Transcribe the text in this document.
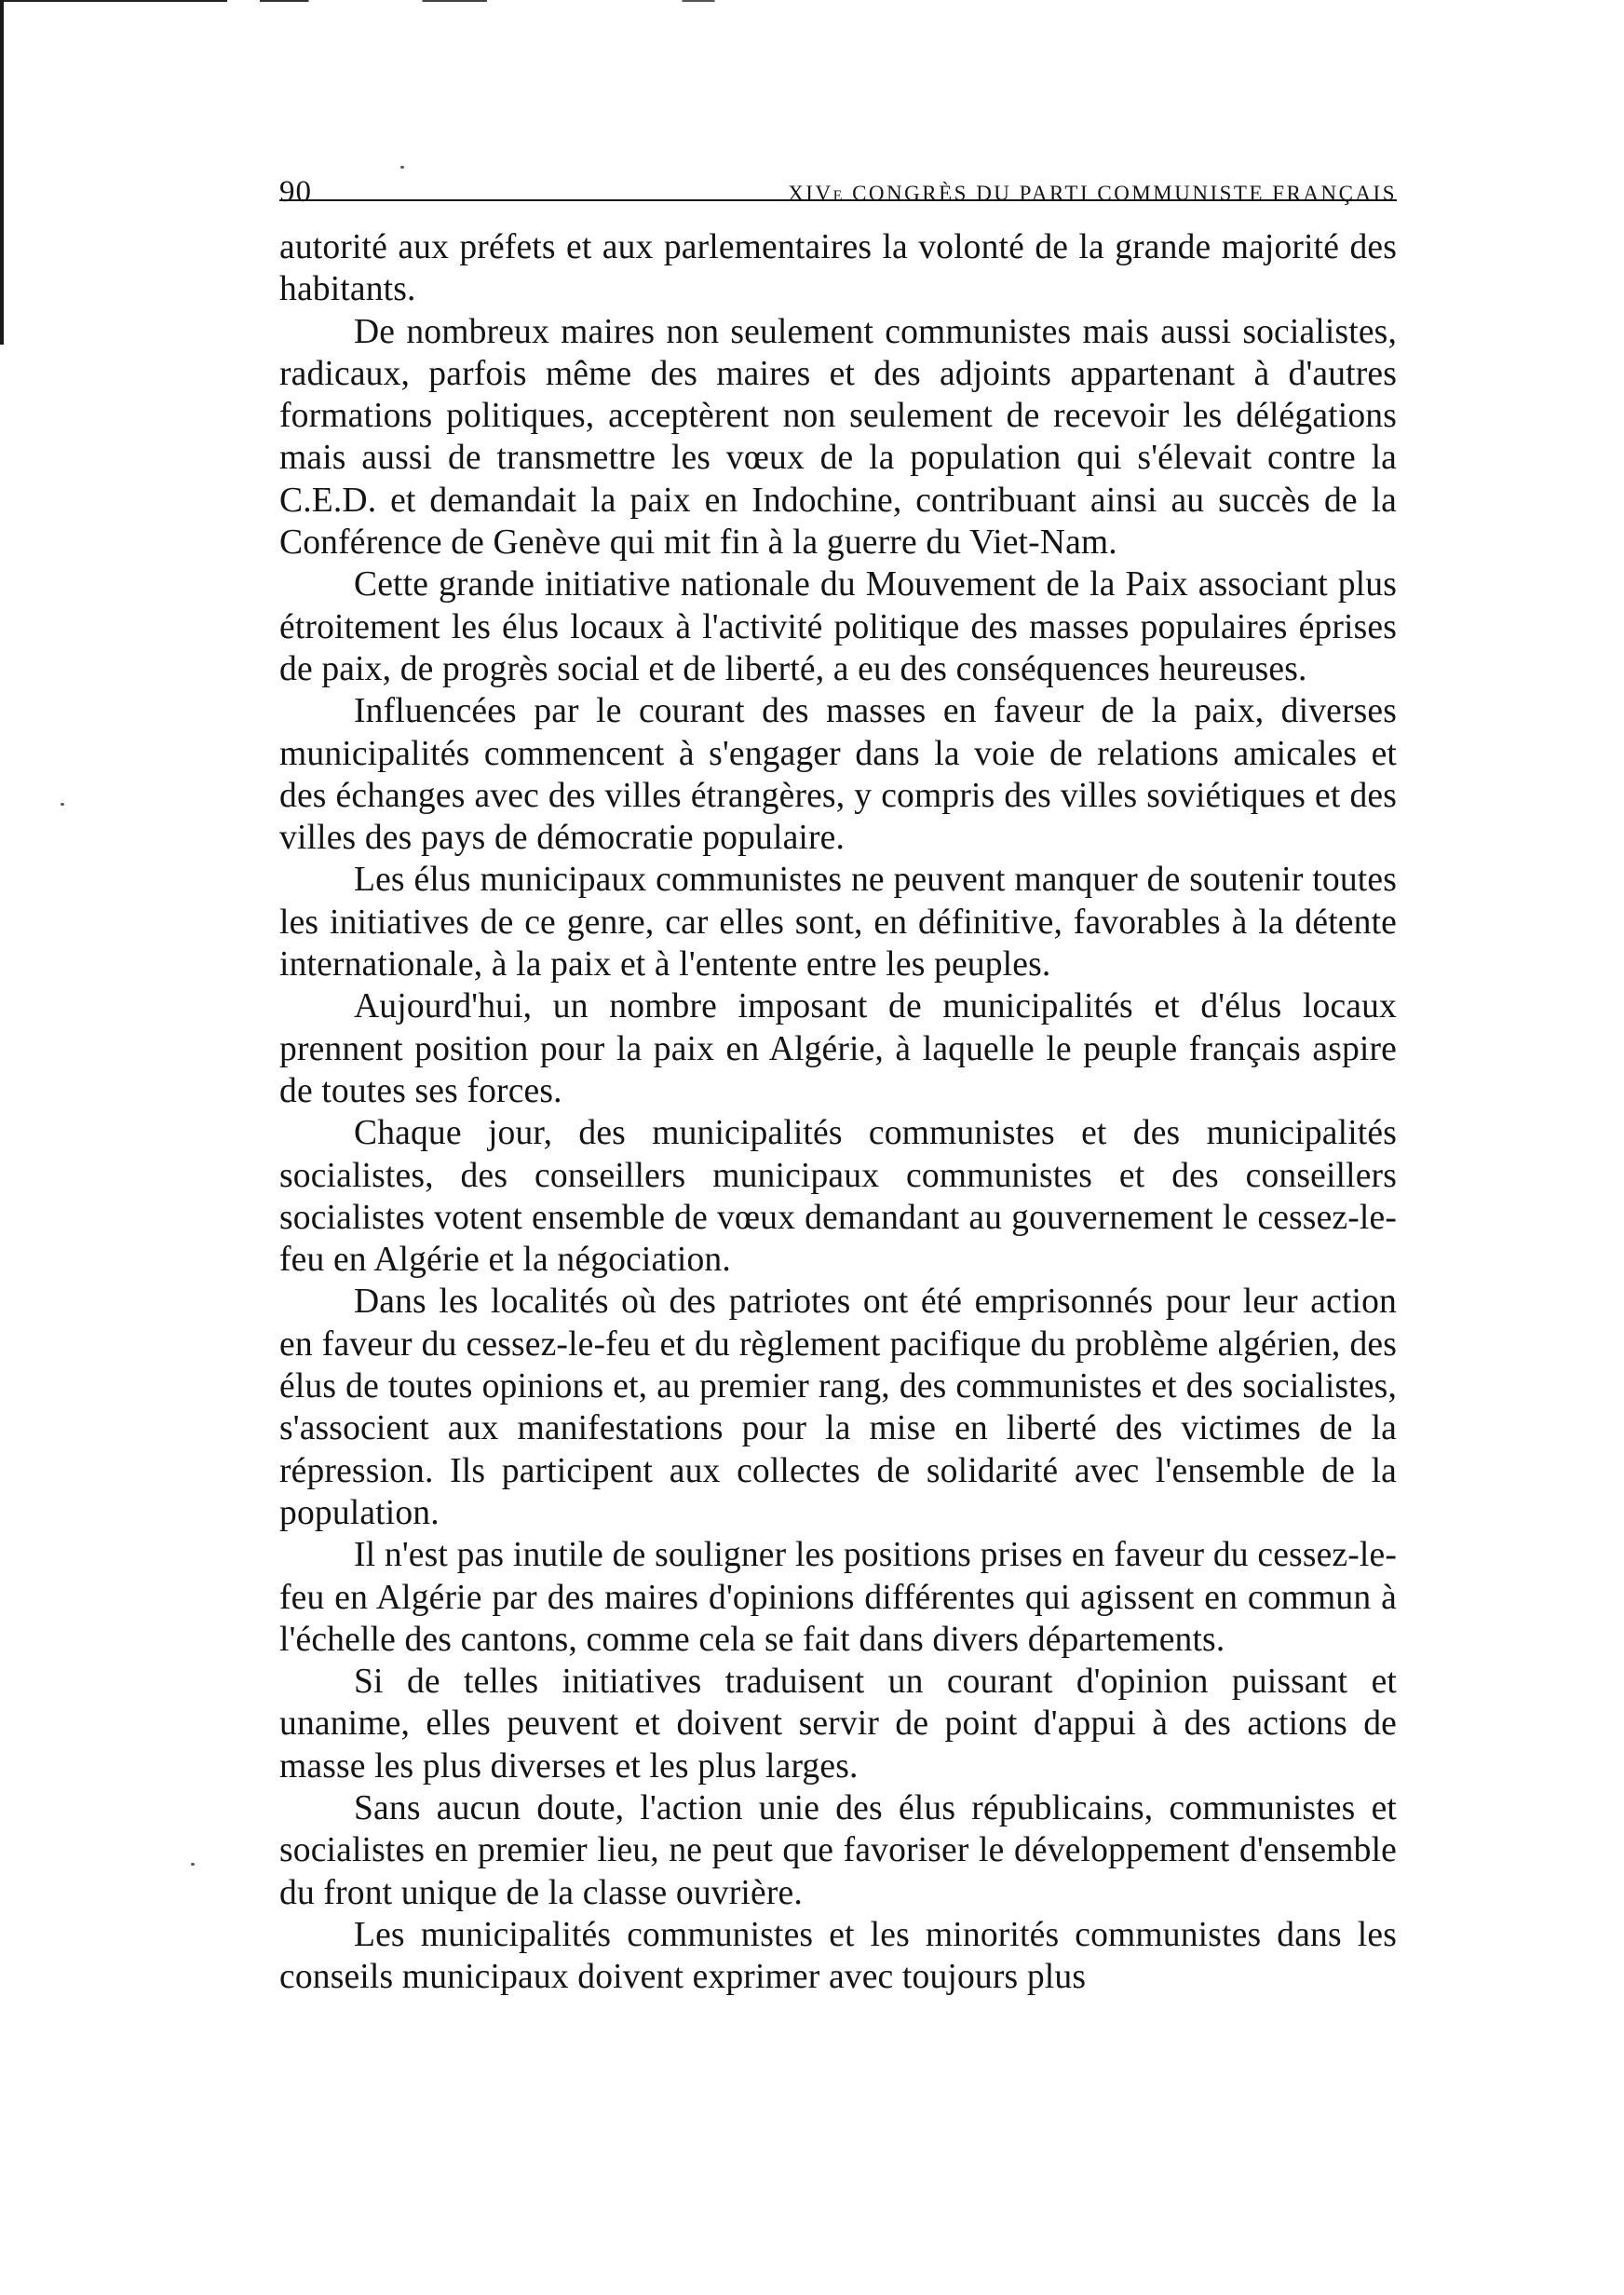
90	XIVe CONGRÈS DU PARTI COMMUNISTE FRANÇAIS

autorité aux préfets et aux parlementaires la volonté de la grande majorité des habitants.

De nombreux maires non seulement communistes mais aussi socialistes, radicaux, parfois même des maires et des adjoints appartenant à d'autres formations politiques, acceptèrent non seulement de recevoir les délégations mais aussi de transmettre les vœux de la population qui s'élevait contre la C.E.D. et demandait la paix en Indochine, contribuant ainsi au succès de la Conférence de Genève qui mit fin à la guerre du Viet-Nam.

Cette grande initiative nationale du Mouvement de la Paix associant plus étroitement les élus locaux à l'activité politique des masses populaires éprises de paix, de progrès social et de liberté, a eu des conséquences heureuses.

Influencées par le courant des masses en faveur de la paix, diverses municipalités commencent à s'engager dans la voie de relations amicales et des échanges avec des villes étrangères, y compris des villes soviétiques et des villes des pays de démocratie populaire.

Les élus municipaux communistes ne peuvent manquer de soutenir toutes les initiatives de ce genre, car elles sont, en définitive, favorables à la détente internationale, à la paix et à l'entente entre les peuples.

Aujourd'hui, un nombre imposant de municipalités et d'élus locaux prennent position pour la paix en Algérie, à laquelle le peuple français aspire de toutes ses forces.

Chaque jour, des municipalités communistes et des municipalités socialistes, des conseillers municipaux communistes et des conseillers socialistes votent ensemble de vœux demandant au gouvernement le cessez-le-feu en Algérie et la négociation.

Dans les localités où des patriotes ont été emprisonnés pour leur action en faveur du cessez-le-feu et du règlement pacifique du problème algérien, des élus de toutes opinions et, au premier rang, des communistes et des socialistes, s'associent aux manifestations pour la mise en liberté des victimes de la répression. Ils participent aux collectes de solidarité avec l'ensemble de la population.

Il n'est pas inutile de souligner les positions prises en faveur du cessez-le-feu en Algérie par des maires d'opinions différentes qui agissent en commun à l'échelle des cantons, comme cela se fait dans divers départements.

Si de telles initiatives traduisent un courant d'opinion puissant et unanime, elles peuvent et doivent servir de point d'appui à des actions de masse les plus diverses et les plus larges.

Sans aucun doute, l'action unie des élus républicains, communistes et socialistes en premier lieu, ne peut que favoriser le développement d'ensemble du front unique de la classe ouvrière.

Les municipalités communistes et les minorités communistes dans les conseils municipaux doivent exprimer avec toujours plus
